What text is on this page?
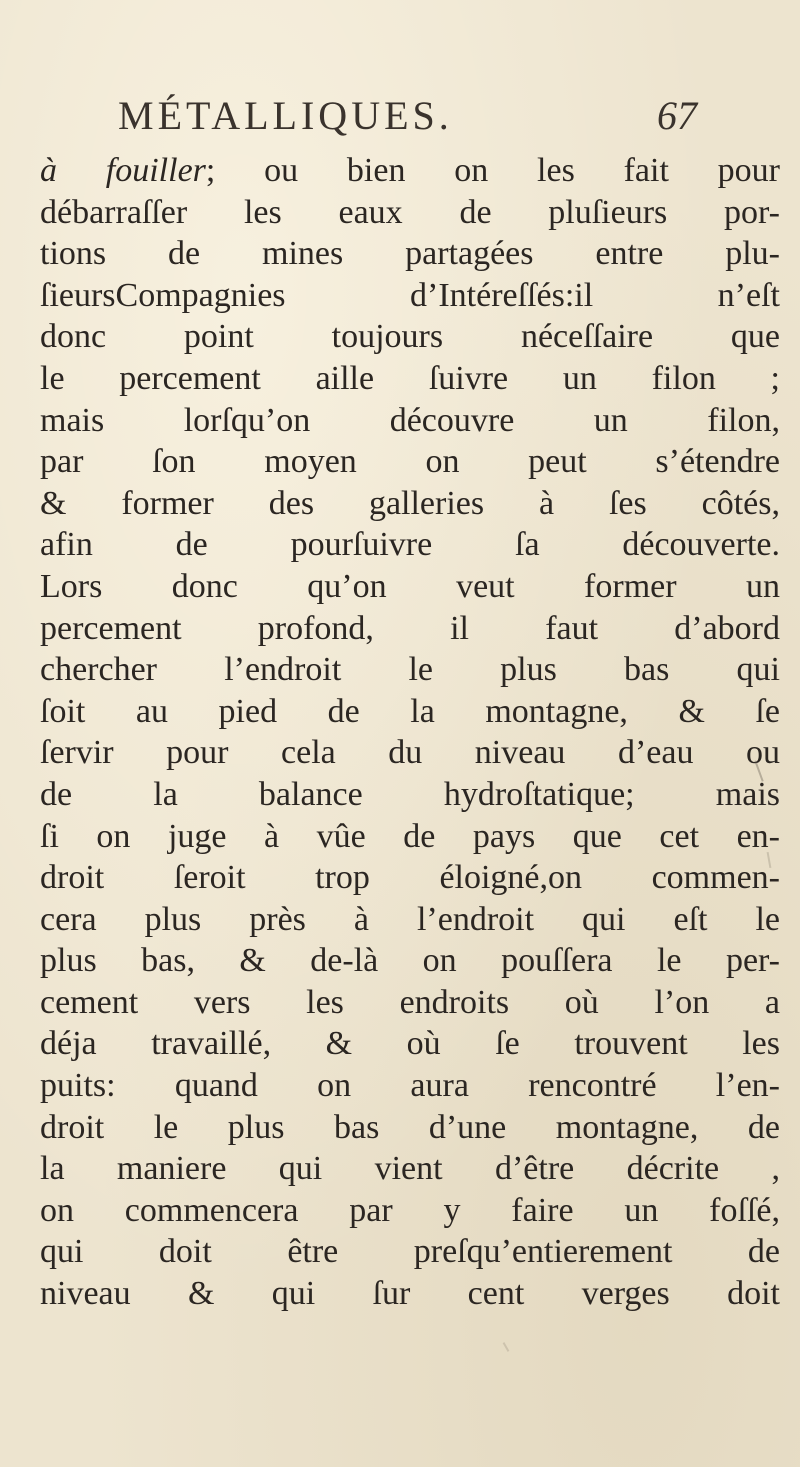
MÉTALLIQUES.	67
à fouiller; ou bien on les fait pour
débarraſſer les eaux de pluſieurs por-
tions de mines partagées entre plu-
ſieursCompagnies d’Intéreſſés:il n’eſt
donc point toujours néceſſaire que
le percement aille ſuivre un filon ;
mais lorſqu’on découvre un filon,
par ſon moyen on peut s’étendre
& former des galleries à ſes côtés,
afin de pourſuivre ſa découverte.
Lors donc qu’on veut former un
percement profond, il faut d’abord
chercher l’endroit le plus bas qui
ſoit au pied de la montagne, & ſe
ſervir pour cela du niveau d’eau ou
de la balance hydroſtatique; mais
ſi on juge à vûe de pays que cet en-
droit ſeroit trop éloigné,on commen-
cera plus près à l’endroit qui eſt le
plus bas, & de-là on pouſſera le per-
cement vers les endroits où l’on a
déja travaillé, & où ſe trouvent les
puits: quand on aura rencontré l’en-
droit le plus bas d’une montagne, de
la maniere qui vient d’être décrite ,
on commencera par y faire un foſſé,
qui doit être preſqu’entierement de
niveau & qui ſur cent verges doit
